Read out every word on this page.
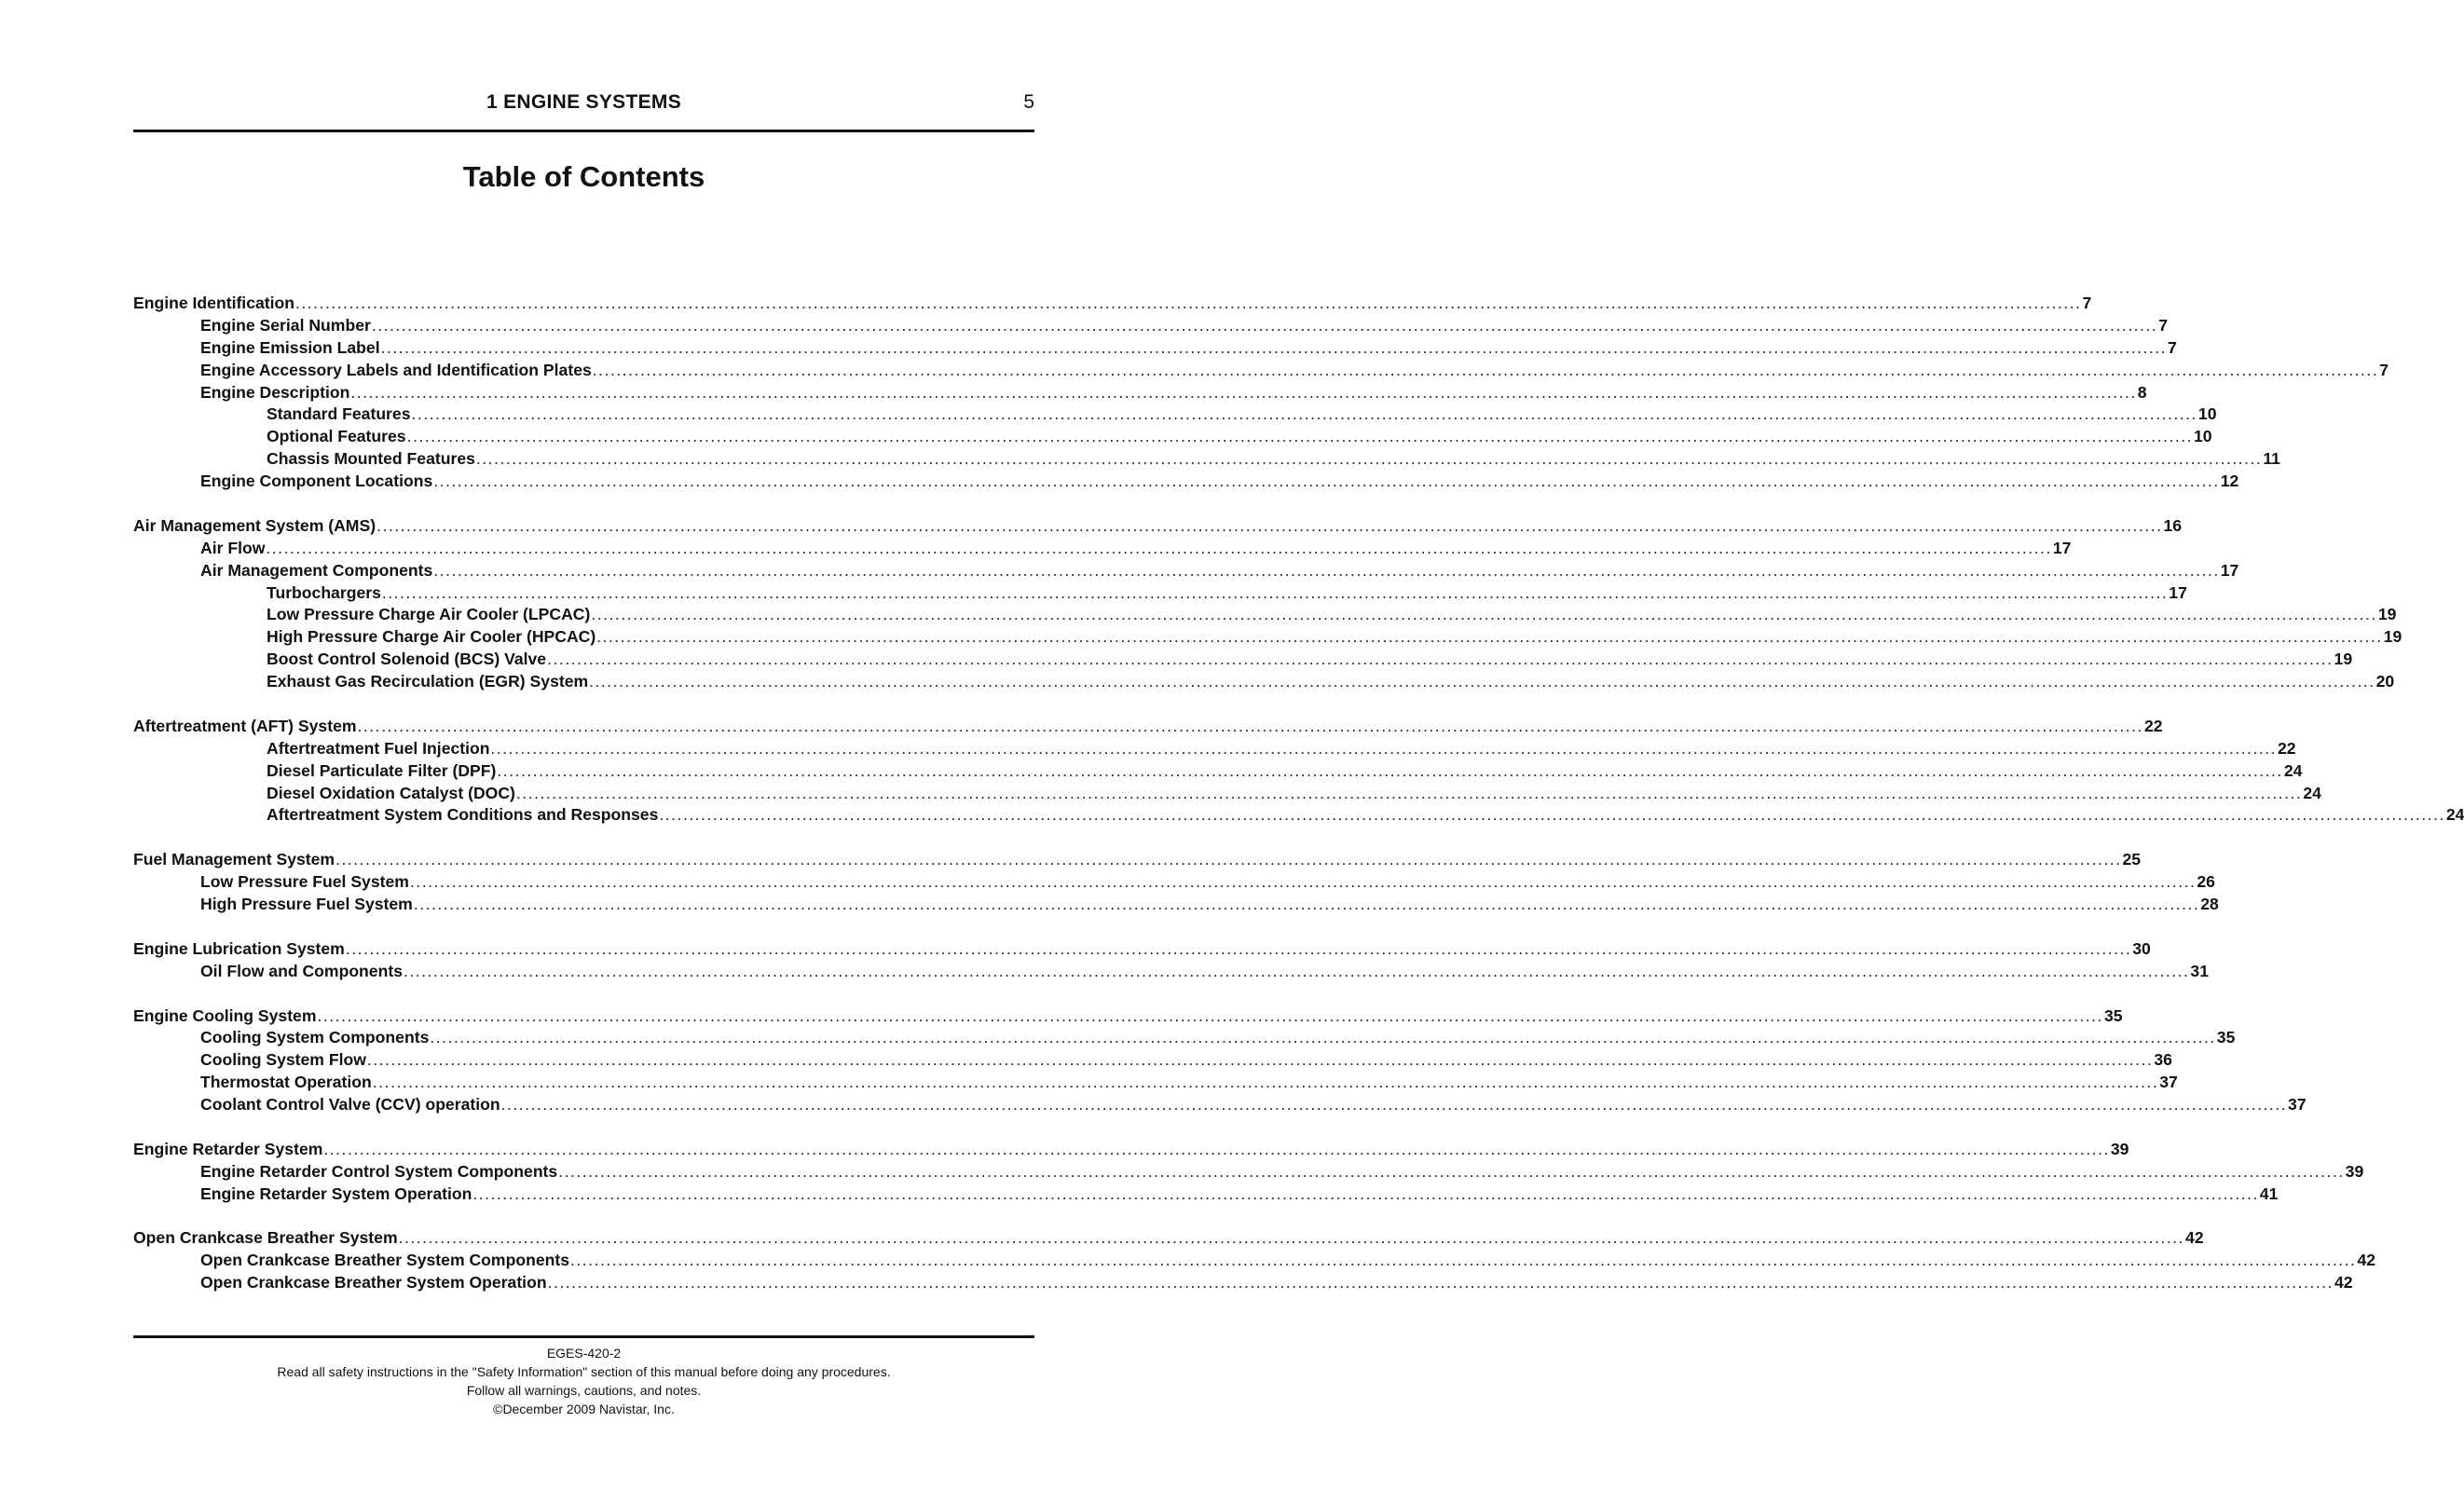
1 ENGINE SYSTEMS	5
Table of Contents
Engine Identification ............................................................................................................................................................................................................................................................................................................ 7
Engine Serial Number ............................................................................................................................................................................................................................................................................................................ 7
Engine Emission Label ............................................................................................................................................................................................................................................................................................................ 7
Engine Accessory Labels and Identification Plates ............................................................................................................................................................................................................................................................................................................ 7
Engine Description ............................................................................................................................................................................................................................................................................................................ 8
Standard Features ............................................................................................................................................................................................................................................................................................................ 10
Optional Features ............................................................................................................................................................................................................................................................................................................ 10
Chassis Mounted Features ............................................................................................................................................................................................................................................................................................................ 11
Engine Component Locations ............................................................................................................................................................................................................................................................................................................ 12
Air Management System (AMS) ............................................................................................................................................................................................................................................................................................................ 16
Air Flow ............................................................................................................................................................................................................................................................................................................ 17
Air Management Components ............................................................................................................................................................................................................................................................................................................ 17
Turbochargers ............................................................................................................................................................................................................................................................................................................ 17
Low Pressure Charge Air Cooler (LPCAC) ............................................................................................................................................................................................................................................................................................................ 19
High Pressure Charge Air Cooler (HPCAC) ............................................................................................................................................................................................................................................................................................................ 19
Boost Control Solenoid (BCS) Valve ............................................................................................................................................................................................................................................................................................................ 19
Exhaust Gas Recirculation (EGR) System ............................................................................................................................................................................................................................................................................................................ 20
Aftertreatment (AFT) System ............................................................................................................................................................................................................................................................................................................ 22
Aftertreatment Fuel Injection ............................................................................................................................................................................................................................................................................................................ 22
Diesel Particulate Filter (DPF) ............................................................................................................................................................................................................................................................................................................ 24
Diesel Oxidation Catalyst (DOC) ............................................................................................................................................................................................................................................................................................................ 24
Aftertreatment System Conditions and Responses ............................................................................................................................................................................................................................................................................................................ 24
Fuel Management System ............................................................................................................................................................................................................................................................................................................ 25
Low Pressure Fuel System ............................................................................................................................................................................................................................................................................................................ 26
High Pressure Fuel System ............................................................................................................................................................................................................................................................................................................ 28
Engine Lubrication System ............................................................................................................................................................................................................................................................................................................ 30
Oil Flow and Components ............................................................................................................................................................................................................................................................................................................ 31
Engine Cooling System ............................................................................................................................................................................................................................................................................................................ 35
Cooling System Components ............................................................................................................................................................................................................................................................................................................ 35
Cooling System Flow ............................................................................................................................................................................................................................................................................................................ 36
Thermostat Operation ............................................................................................................................................................................................................................................................................................................ 37
Coolant Control Valve (CCV) operation ............................................................................................................................................................................................................................................................................................................ 37
Engine Retarder System ............................................................................................................................................................................................................................................................................................................ 39
Engine Retarder Control System Components ............................................................................................................................................................................................................................................................................................................ 39
Engine Retarder System Operation ............................................................................................................................................................................................................................................................................................................ 41
Open Crankcase Breather System ............................................................................................................................................................................................................................................................................................................ 42
Open Crankcase Breather System Components ............................................................................................................................................................................................................................................................................................................ 42
Open Crankcase Breather System Operation ............................................................................................................................................................................................................................................................................................................ 42
EGES-420-2
Read all safety instructions in the "Safety Information" section of this manual before doing any procedures.
Follow all warnings, cautions, and notes.
©December 2009 Navistar, Inc.
